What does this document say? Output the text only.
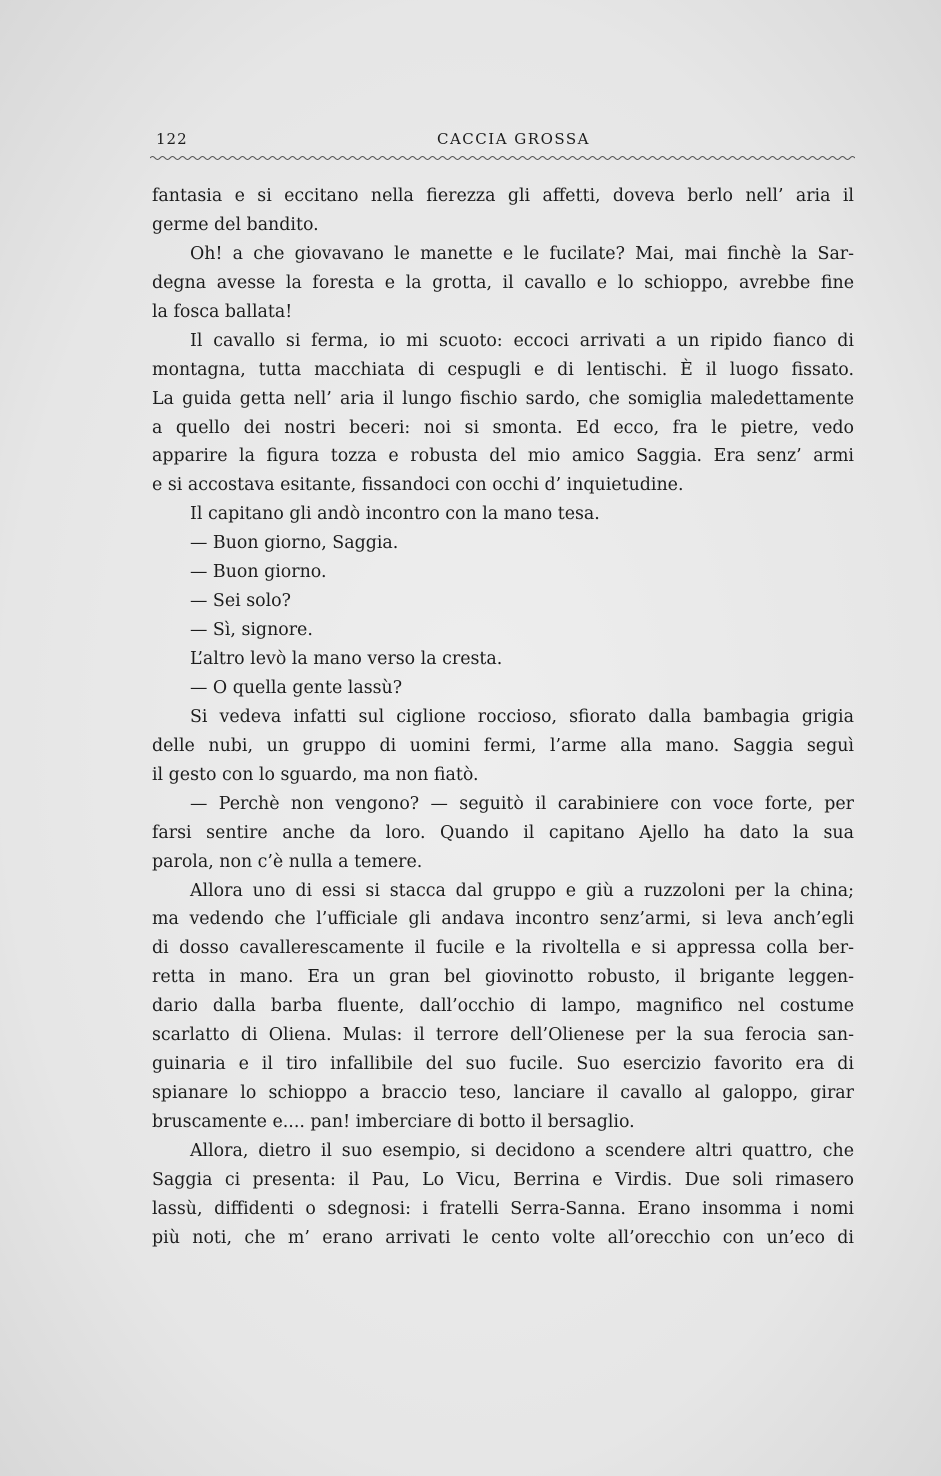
122	CACCIA GROSSA
fantasia e si eccitano nella fierezza gli affetti, doveva berlo nell’ aria il
germe del bandito.
Oh! a che giovavano le manette e le fucilate? Mai, mai finchè la Sar-
degna avesse la foresta e la grotta, il cavallo e lo schioppo, avrebbe fine
la fosca ballata!
Il cavallo si ferma, io mi scuoto: eccoci arrivati a un ripido fianco di
montagna, tutta macchiata di cespugli e di lentischi. È il luogo fissato.
La guida getta nell’ aria il lungo fischio sardo, che somiglia maledettamente
a quello dei nostri beceri: noi si smonta. Ed ecco, fra le pietre, vedo
apparire la figura tozza e robusta del mio amico Saggia. Era senz’ armi
e si accostava esitante, fissandoci con occhi d’ inquietudine.
Il capitano gli andò incontro con la mano tesa.
— Buon giorno, Saggia.
— Buon giorno.
— Sei solo?
— Sì, signore.
L’altro levò la mano verso la cresta.
— O quella gente lassù?
Si vedeva infatti sul ciglione roccioso, sfiorato dalla bambagia grigia
delle nubi, un gruppo di uomini fermi, l’arme alla mano. Saggia seguì
il gesto con lo sguardo, ma non fiatò.
— Perchè non vengono? — seguitò il carabiniere con voce forte, per
farsi sentire anche da loro. Quando il capitano Ajello ha dato la sua
parola, non c’è nulla a temere.
Allora uno di essi si stacca dal gruppo e giù a ruzzoloni per la china;
ma vedendo che l’ufficiale gli andava incontro senz’armi, si leva anch’egli
di dosso cavallerescamente il fucile e la rivoltella e si appressa colla ber-
retta in mano. Era un gran bel giovinotto robusto, il brigante leggen-
dario dalla barba fluente, dall’occhio di lampo, magnifico nel costume
scarlatto di Oliena. Mulas: il terrore dell’Olienese per la sua ferocia san-
guinaria e il tiro infallibile del suo fucile. Suo esercizio favorito era di
spianare lo schioppo a braccio teso, lanciare il cavallo al galoppo, girar
bruscamente e.... pan! imberciare di botto il bersaglio.
Allora, dietro il suo esempio, si decidono a scendere altri quattro, che
Saggia ci presenta: il Pau, Lo Vicu, Berrina e Virdis. Due soli rimasero
lassù, diffidenti o sdegnosi: i fratelli Serra-Sanna. Erano insomma i nomi
più noti, che m’ erano arrivati le cento volte all’orecchio con un’eco di
